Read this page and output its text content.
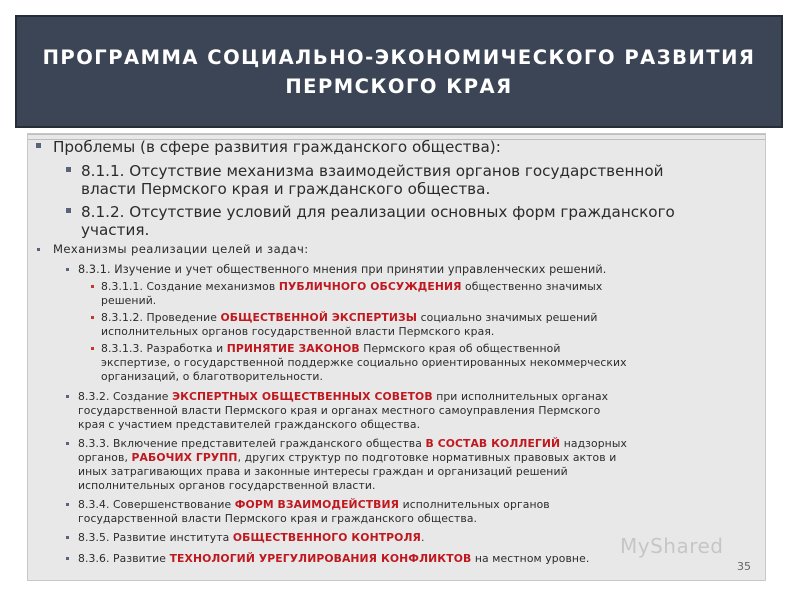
ПРОГРАММА СОЦИАЛЬНО-ЭКОНОМИЧЕСКОГО РАЗВИТИЯ
ПЕРМСКОГО КРАЯ
Проблемы (в сфере развития гражданского общества):
8.1.1. Отсутствие механизма взаимодействия органов государственной
власти Пермского края и гражданского общества.
8.1.2. Отсутствие условий для реализации основных форм гражданского
участия.
Механизмы реализации целей и задач:
8.3.1. Изучение и учет общественного мнения при принятии управленческих решений.
8.3.1.1. Создание механизмов ПУБЛИЧНОГО ОБСУЖДЕНИЯ общественно значимых
решений.
8.3.1.2. Проведение ОБЩЕСТВЕННОЙ ЭКСПЕРТИЗЫ социально значимых решений
исполнительных органов государственной власти Пермского края.
8.3.1.3. Разработка и ПРИНЯТИЕ ЗАКОНОВ Пермского края об общественной
экспертизе, о государственной поддержке социально ориентированных некоммерческих
организаций, о благотворительности.
8.3.2. Создание ЭКСПЕРТНЫХ ОБЩЕСТВЕННЫХ СОВЕТОВ при исполнительных органах
государственной власти Пермского края и органах местного самоуправления Пермского
края с участием представителей гражданского общества.
8.3.3. Включение представителей гражданского общества В СОСТАВ КОЛЛЕГИЙ надзорных
органов, РАБОЧИХ ГРУПП, других структур по подготовке нормативных правовых актов и
иных затрагивающих права и законные интересы граждан и организаций решений
исполнительных органов государственной власти.
8.3.4. Совершенствование ФОРМ ВЗАИМОДЕЙСТВИЯ исполнительных органов
государственной власти Пермского края и гражданского общества.
8.3.5. Развитие института ОБЩЕСТВЕННОГО КОНТРОЛЯ.
8.3.6. Развитие ТЕХНОЛОГИЙ УРЕГУЛИРОВАНИЯ КОНФЛИКТОВ на местном уровне.
MyShared
35
